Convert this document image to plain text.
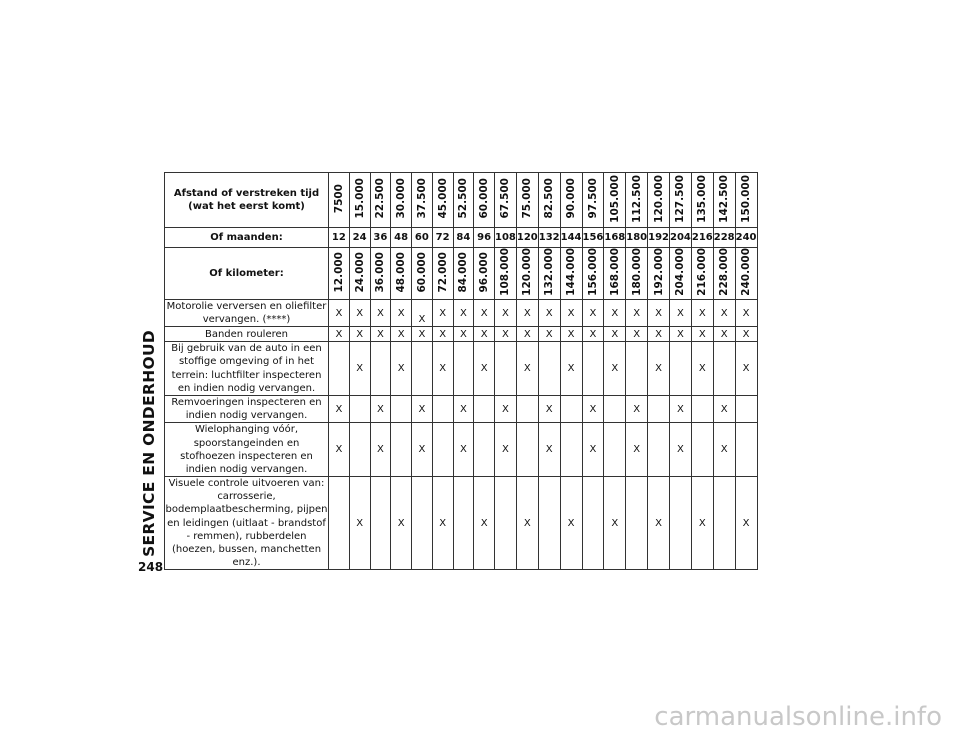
SERVICE EN ONDERHOUD
Afstand of verstreken tijd (wat het eerst komt)	7500	15.000	22.500	30.000	37.500	45.000	52.500	60.000	67.500	75.000	82.500	90.000	97.500	105.000	112.500	120.000	127.500	135.000	142.500	150.000
Of maanden:	12	24	36	48	60	72	84	96	108	120	132	144	156	168	180	192	204	216	228	240
Of kilometer:	12.000	24.000	36.000	48.000	60.000	72.000	84.000	96.000	108.000	120.000	132.000	144.000	156.000	168.000	180.000	192.000	204.000	216.000	228.000	240.000
Motorolie verversen en oliefilter vervangen. (****)	X	X	X	X	X	X	X	X	X	X	X	X	X	X	X	X	X	X	X	X
Banden rouleren	X	X	X	X	X	X	X	X	X	X	X	X	X	X	X	X	X	X	X	X
Bij gebruik van de auto in een stoffige omgeving of in het terrein: luchtfilter inspecteren en indien nodig vervangen.		X		X		X		X		X		X		X		X		X		X
Remvoeringen inspecteren en indien nodig vervangen.	X		X		X		X		X		X		X		X		X		X	
Wielophanging vóór, spoorstangeinden en stofhoezen inspecteren en indien nodig vervangen.	X		X		X		X		X		X		X		X		X		X	
Visuele controle uitvoeren van: carrosserie, bodemplaatbescherming, pijpen en leidingen (uitlaat - brandstof - remmen), rubberdelen (hoezen, bussen, manchetten enz.).		X		X		X		X		X		X		X		X		X		X
248
carmanualsonline.info
